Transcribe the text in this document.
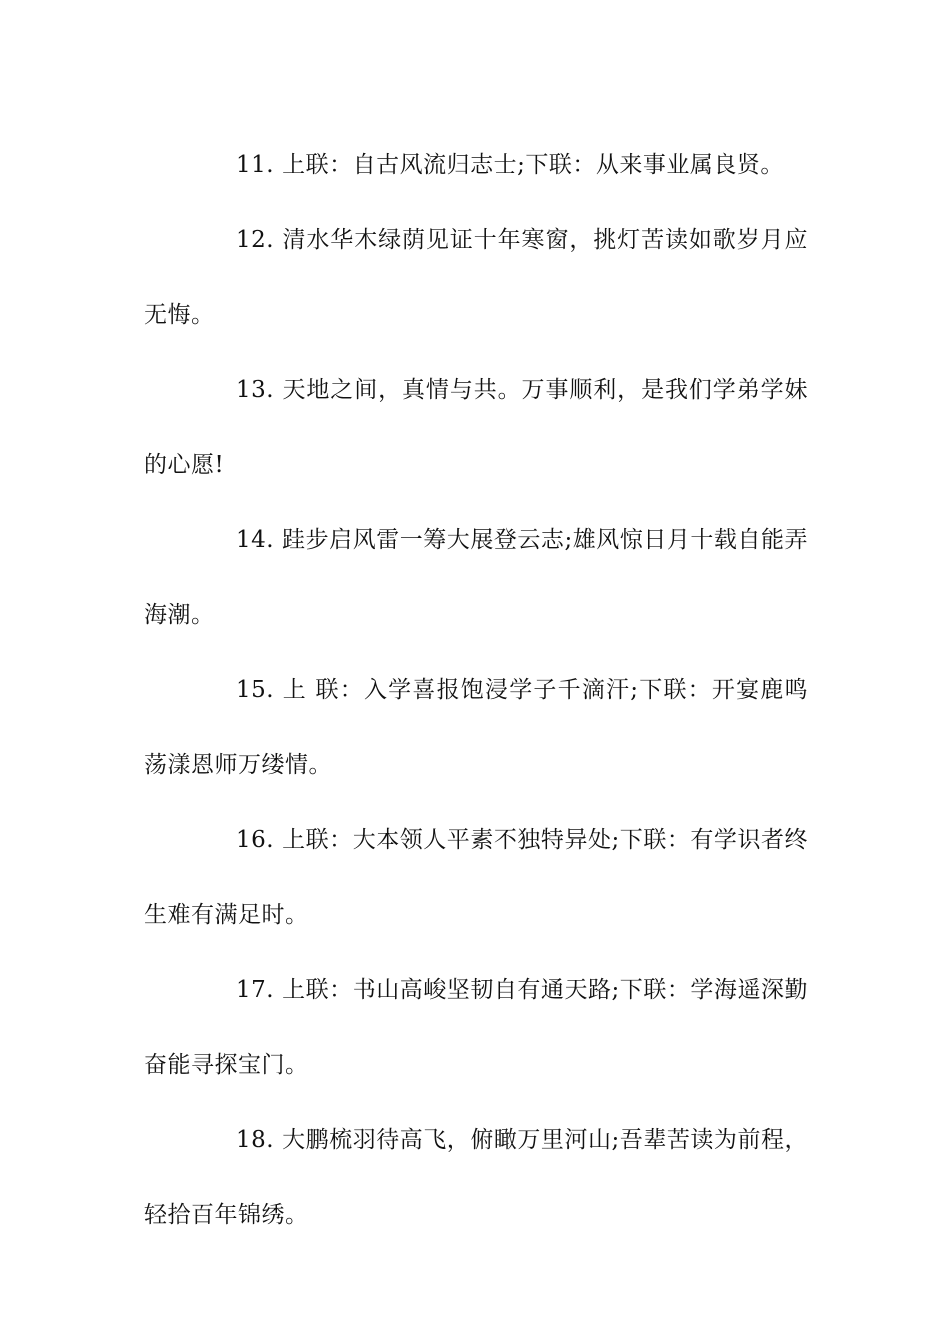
11. 上联：自古风流归志士;下联：从来事业属良贤。

12. 清水华木绿荫见证十年寒窗，挑灯苦读如歌岁月应无悔。

13. 天地之间，真情与共。万事顺利，是我们学弟学妹的心愿!

14. 跬步启风雷一筹大展登云志;雄风惊日月十载自能弄海潮。

15. 上 联：入学喜报饱浸学子千滴汗;下联：开宴鹿鸣荡漾恩师万缕情。

16. 上联：大本领人平素不独特异处;下联：有学识者终生难有满足时。

17. 上联：书山高峻坚韧自有通天路;下联：学海遥深勤奋能寻探宝门。

18. 大鹏梳羽待高飞，俯瞰万里河山;吾辈苦读为前程，轻拾百年锦绣。
